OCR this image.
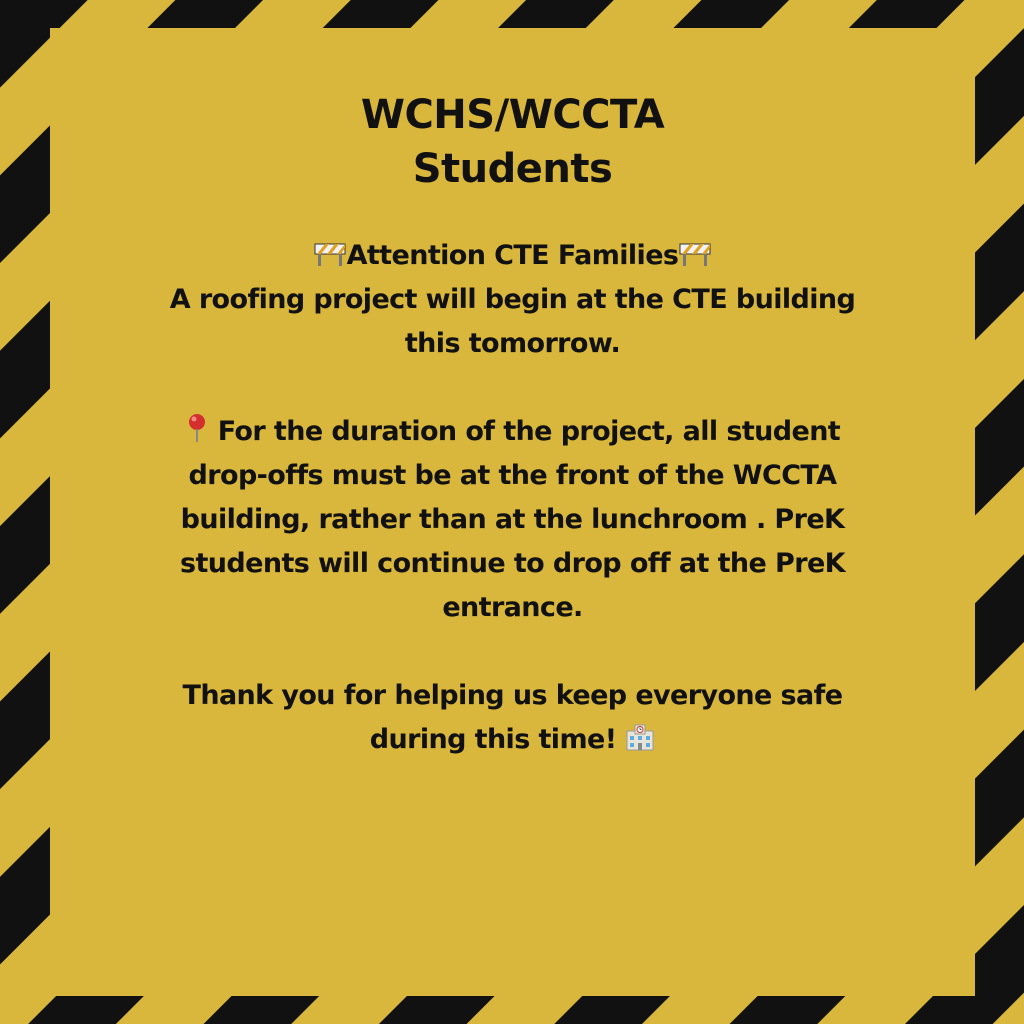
WCHS/WCCTA
Students
Attention CTE Families
A roofing project will begin at the CTE building
this tomorrow.
For the duration of the project, all student
drop-offs must be at the front of the WCCTA
building, rather than at the lunchroom . PreK
students will continue to drop off at the PreK
entrance.
Thank you for helping us keep everyone safe
during this time!
